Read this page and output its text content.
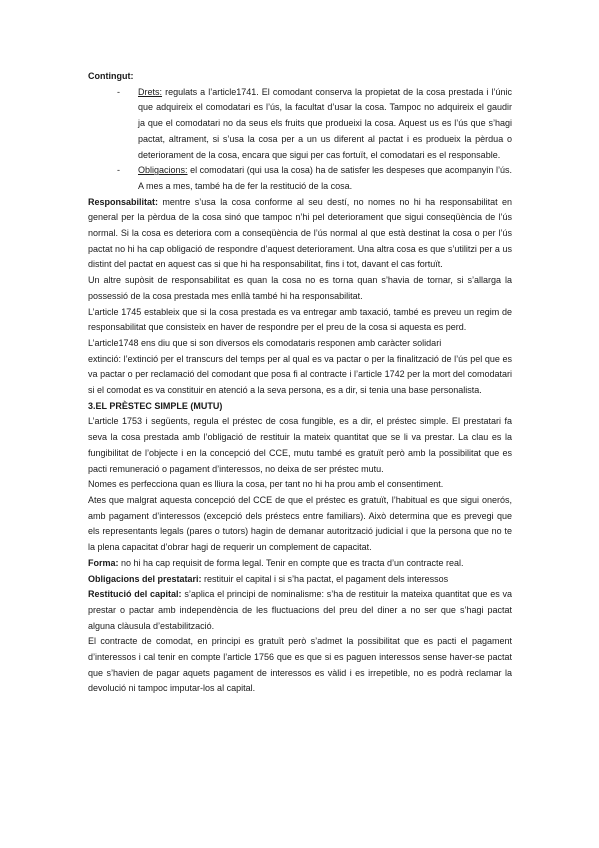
Contingut:

- Drets: regulats a l’article1741. El comodant conserva la propietat de la cosa prestada i l’únic que adquireix el comodatari es l’ús, la facultat d’usar la cosa. Tampoc no adquireix el gaudir ja que el comodatari no da seus els fruits que produeixi la cosa. Aquest us es l’ús que s’hagi pactat, altrament, si s’usa la cosa per a un us diferent al pactat i es produeix la pèrdua o deteriorament de la cosa, encara que sigui per cas fortuït, el comodatari es el responsable.
- Obligacions: el comodatari (qui usa la cosa) ha de satisfer les despeses que acompanyin l’ús. A mes a mes, també ha de fer la restitució de la cosa.

Responsabilitat: mentre s’usa la cosa conforme al seu destí, no nomes no hi ha responsabilitat en general per la pèrdua de la cosa sinó que tampoc n’hi pel deteriorament que sigui conseqüència de l’ús normal. Si la cosa es deteriora com a conseqüència de l’ús normal al que està destinat la cosa o per l’ús pactat no hi ha cap obligació de respondre d’aquest deteriorament. Una altra cosa es que s’utilitzi per a us distint del pactat en aquest cas si que hi ha responsabilitat, fins i tot, davant el cas fortuït.

Un altre supòsit de responsabilitat es quan la cosa no es torna quan s’havia de tornar, si s’allarga la possessió de la cosa prestada mes enllà també hi ha responsabilitat.

L’article 1745 estableix que si la cosa prestada es va entregar amb taxació, també es preveu un regim de responsabilitat que consisteix en haver de respondre per el preu de la cosa si aquesta es perd.

L’article1748 ens diu que si son diversos els comodataris responen amb caràcter solidari

extinció: l’extinció per el transcurs del temps per al qual es va pactar o per la finalització de l’ús pel que es va pactar o per reclamació del comodant que posa fi al contracte i l’article 1742 per la mort del comodatari si el comodat es va constituir en atenció a la seva persona, es a dir, si tenia una base personalista.

3.EL PRÈSTEC SIMPLE (MUTU)

L’article 1753 i següents, regula el préstec de cosa fungible, es a dir, el préstec simple. El prestatari fa seva la cosa prestada amb l’obligació de restituir la mateix quantitat que se li va prestar. La clau es la fungibilitat de l’objecte i en la concepció del CCE, mutu també es gratuït però amb la possibilitat que es pacti remuneració o pagament d’interessos, no deixa de ser préstec mutu.

Nomes es perfecciona quan es lliura la cosa, per tant no hi ha prou amb el consentiment.

Ates que malgrat aquesta concepció del CCE de que el préstec es gratuït, l’habitual es que sigui onerós, amb pagament d’interessos (excepció dels préstecs entre familiars). Això determina que es prevegi que els representants legals (pares o tutors) hagin de demanar autorització judicial i que la persona que no te la plena capacitat d’obrar hagi de requerir un complement de capacitat.

Forma: no hi ha cap requisit de forma legal. Tenir en compte que es tracta d’un contracte real.

Obligacions del prestatari: restituir el capital i si s’ha pactat, el pagament dels interessos

Restitució del capital: s’aplica el principi de nominalisme: s’ha de restituir la mateixa quantitat que es va prestar o pactar amb independència de les fluctuacions del preu del diner a no ser que s’hagi pactat alguna clàusula d’estabilització.

El contracte de comodat, en principi es gratuït però s’admet la possibilitat que es pacti el pagament d’interessos i cal tenir en compte l’article 1756 que es que si es paguen interessos sense haver-se pactat que s’havien de pagar aquets pagament de interessos es vàlid i es irrepetible, no es podrà reclamar la devolució ni tampoc imputar-los al capital.
